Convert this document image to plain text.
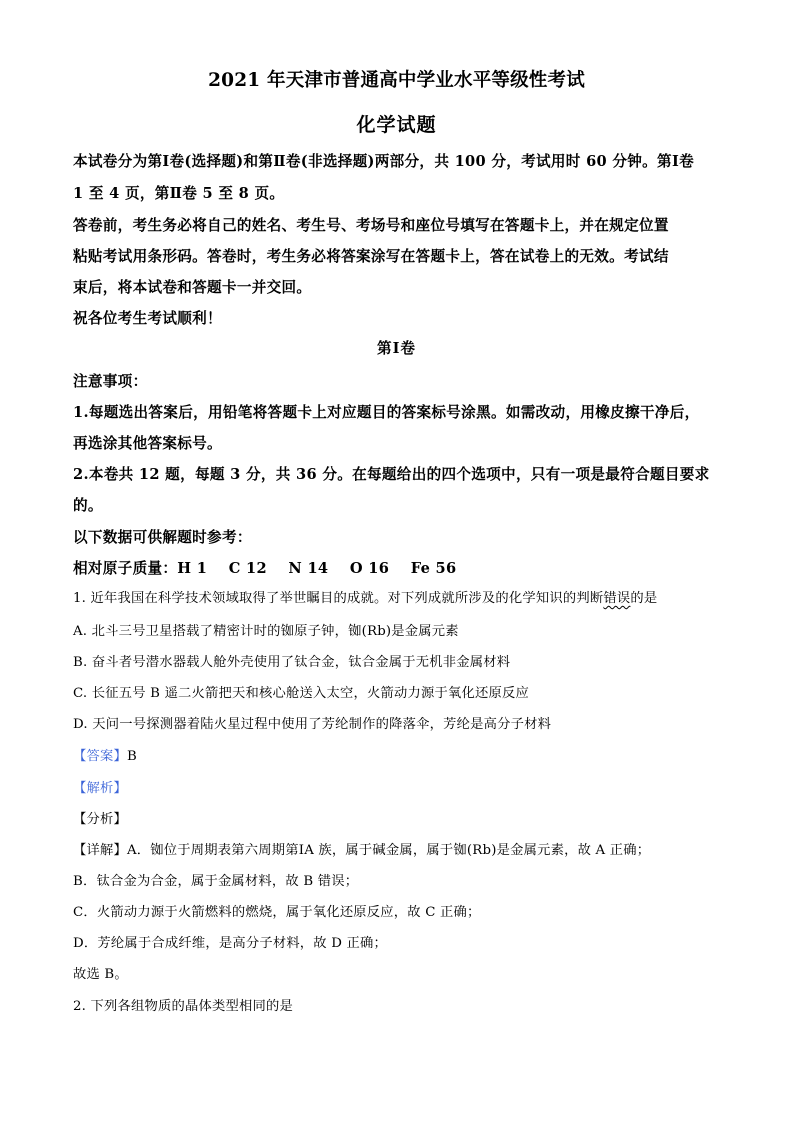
2021 年天津市普通高中学业水平等级性考试
化学试题
本试卷分为第Ⅰ卷(选择题)和第Ⅱ卷(非选择题)两部分，共 100 分，考试用时 60 分钟。第Ⅰ卷
1 至 4 页，第Ⅱ卷 5 至 8 页。
答卷前，考生务必将自己的姓名、考生号、考场号和座位号填写在答题卡上，并在规定位置
粘贴考试用条形码。答卷时，考生务必将答案涂写在答题卡上，答在试卷上的无效。考试结
束后，将本试卷和答题卡一并交回。
祝各位考生考试顺利！
第Ⅰ卷
注意事项：
1.每题选出答案后，用铅笔将答题卡上对应题目的答案标号涂黑。如需改动，用橡皮擦干净后，
再选涂其他答案标号。
2.本卷共 12 题，每题 3 分，共 36 分。在每题给出的四个选项中，只有一项是最符合题目要求
的。
以下数据可供解题时参考：
相对原子质量：H 1    C 12    N 14    O 16    Fe 56
1. 近年我国在科学技术领域取得了举世瞩目的成就。对下列成就所涉及的化学知识的判断错误的是
A. 北斗三号卫星搭载了精密计时的铷原子钟，铷(Rb)是金属元素
B. 奋斗者号潜水器载人舱外壳使用了钛合金，钛合金属于无机非金属材料
C. 长征五号 B 遥二火箭把天和核心舱送入太空，火箭动力源于氧化还原反应
D. 天问一号探测器着陆火星过程中使用了芳纶制作的降落伞，芳纶是高分子材料
【答案】B
【解析】
【分析】
【详解】A．铷位于周期表第六周期第ⅠA 族，属于碱金属，属于铷(Rb)是金属元素，故 A 正确；
B．钛合金为合金，属于金属材料，故 B 错误；
C．火箭动力源于火箭燃料的燃烧，属于氧化还原反应，故 C 正确；
D．芳纶属于合成纤维，是高分子材料，故 D 正确；
故选 B。
2. 下列各组物质的晶体类型相同的是
